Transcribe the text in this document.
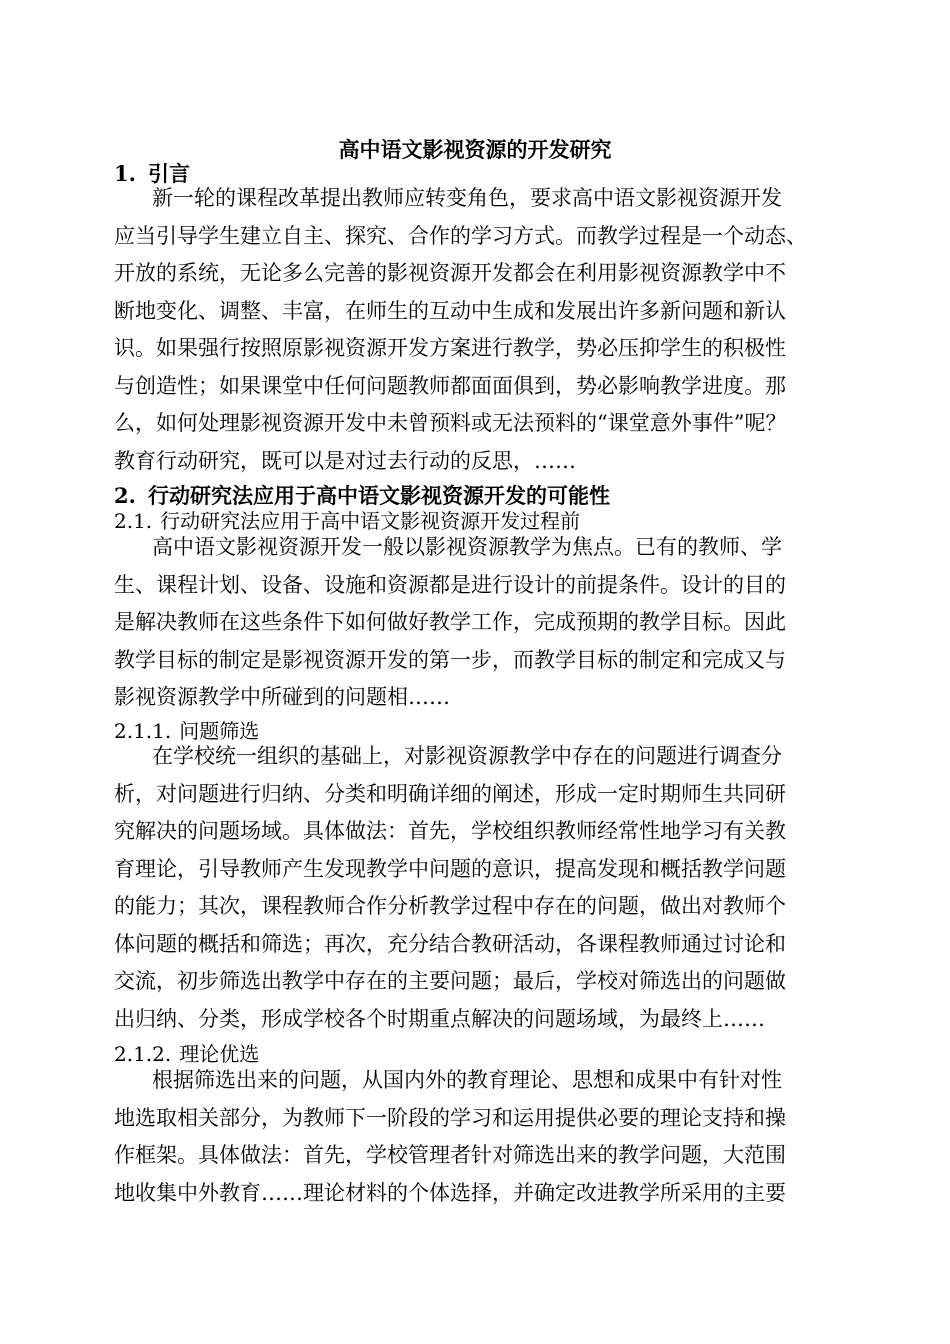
高中语文影视资源的开发研究
1. 引言
新一轮的课程改革提出教师应转变角色，要求高中语文影视资源开发
应当引导学生建立自主、探究、合作的学习方式。而教学过程是一个动态、
开放的系统，无论多么完善的影视资源开发都会在利用影视资源教学中不
断地变化、调整、丰富，在师生的互动中生成和发展出许多新问题和新认
识。如果强行按照原影视资源开发方案进行教学，势必压抑学生的积极性
与创造性；如果课堂中任何问题教师都面面俱到，势必影响教学进度。那
么，如何处理影视资源开发中未曾预料或无法预料的“课堂意外事件”呢？
教育行动研究，既可以是对过去行动的反思，……
2. 行动研究法应用于高中语文影视资源开发的可能性
2.1. 行动研究法应用于高中语文影视资源开发过程前
高中语文影视资源开发一般以影视资源教学为焦点。已有的教师、学
生、课程计划、设备、设施和资源都是进行设计的前提条件。设计的目的
是解决教师在这些条件下如何做好教学工作，完成预期的教学目标。因此
教学目标的制定是影视资源开发的第一步，而教学目标的制定和完成又与
影视资源教学中所碰到的问题相……
2.1.1. 问题筛选
在学校统一组织的基础上，对影视资源教学中存在的问题进行调查分
析，对问题进行归纳、分类和明确详细的阐述，形成一定时期师生共同研
究解决的问题场域。具体做法：首先，学校组织教师经常性地学习有关教
育理论，引导教师产生发现教学中问题的意识，提高发现和概括教学问题
的能力；其次，课程教师合作分析教学过程中存在的问题，做出对教师个
体问题的概括和筛选；再次，充分结合教研活动，各课程教师通过讨论和
交流，初步筛选出教学中存在的主要问题；最后，学校对筛选出的问题做
出归纳、分类，形成学校各个时期重点解决的问题场域，为最终上……
2.1.2. 理论优选
根据筛选出来的问题，从国内外的教育理论、思想和成果中有针对性
地选取相关部分，为教师下一阶段的学习和运用提供必要的理论支持和操
作框架。具体做法：首先，学校管理者针对筛选出来的教学问题，大范围
地收集中外教育……理论材料的个体选择，并确定改进教学所采用的主要
